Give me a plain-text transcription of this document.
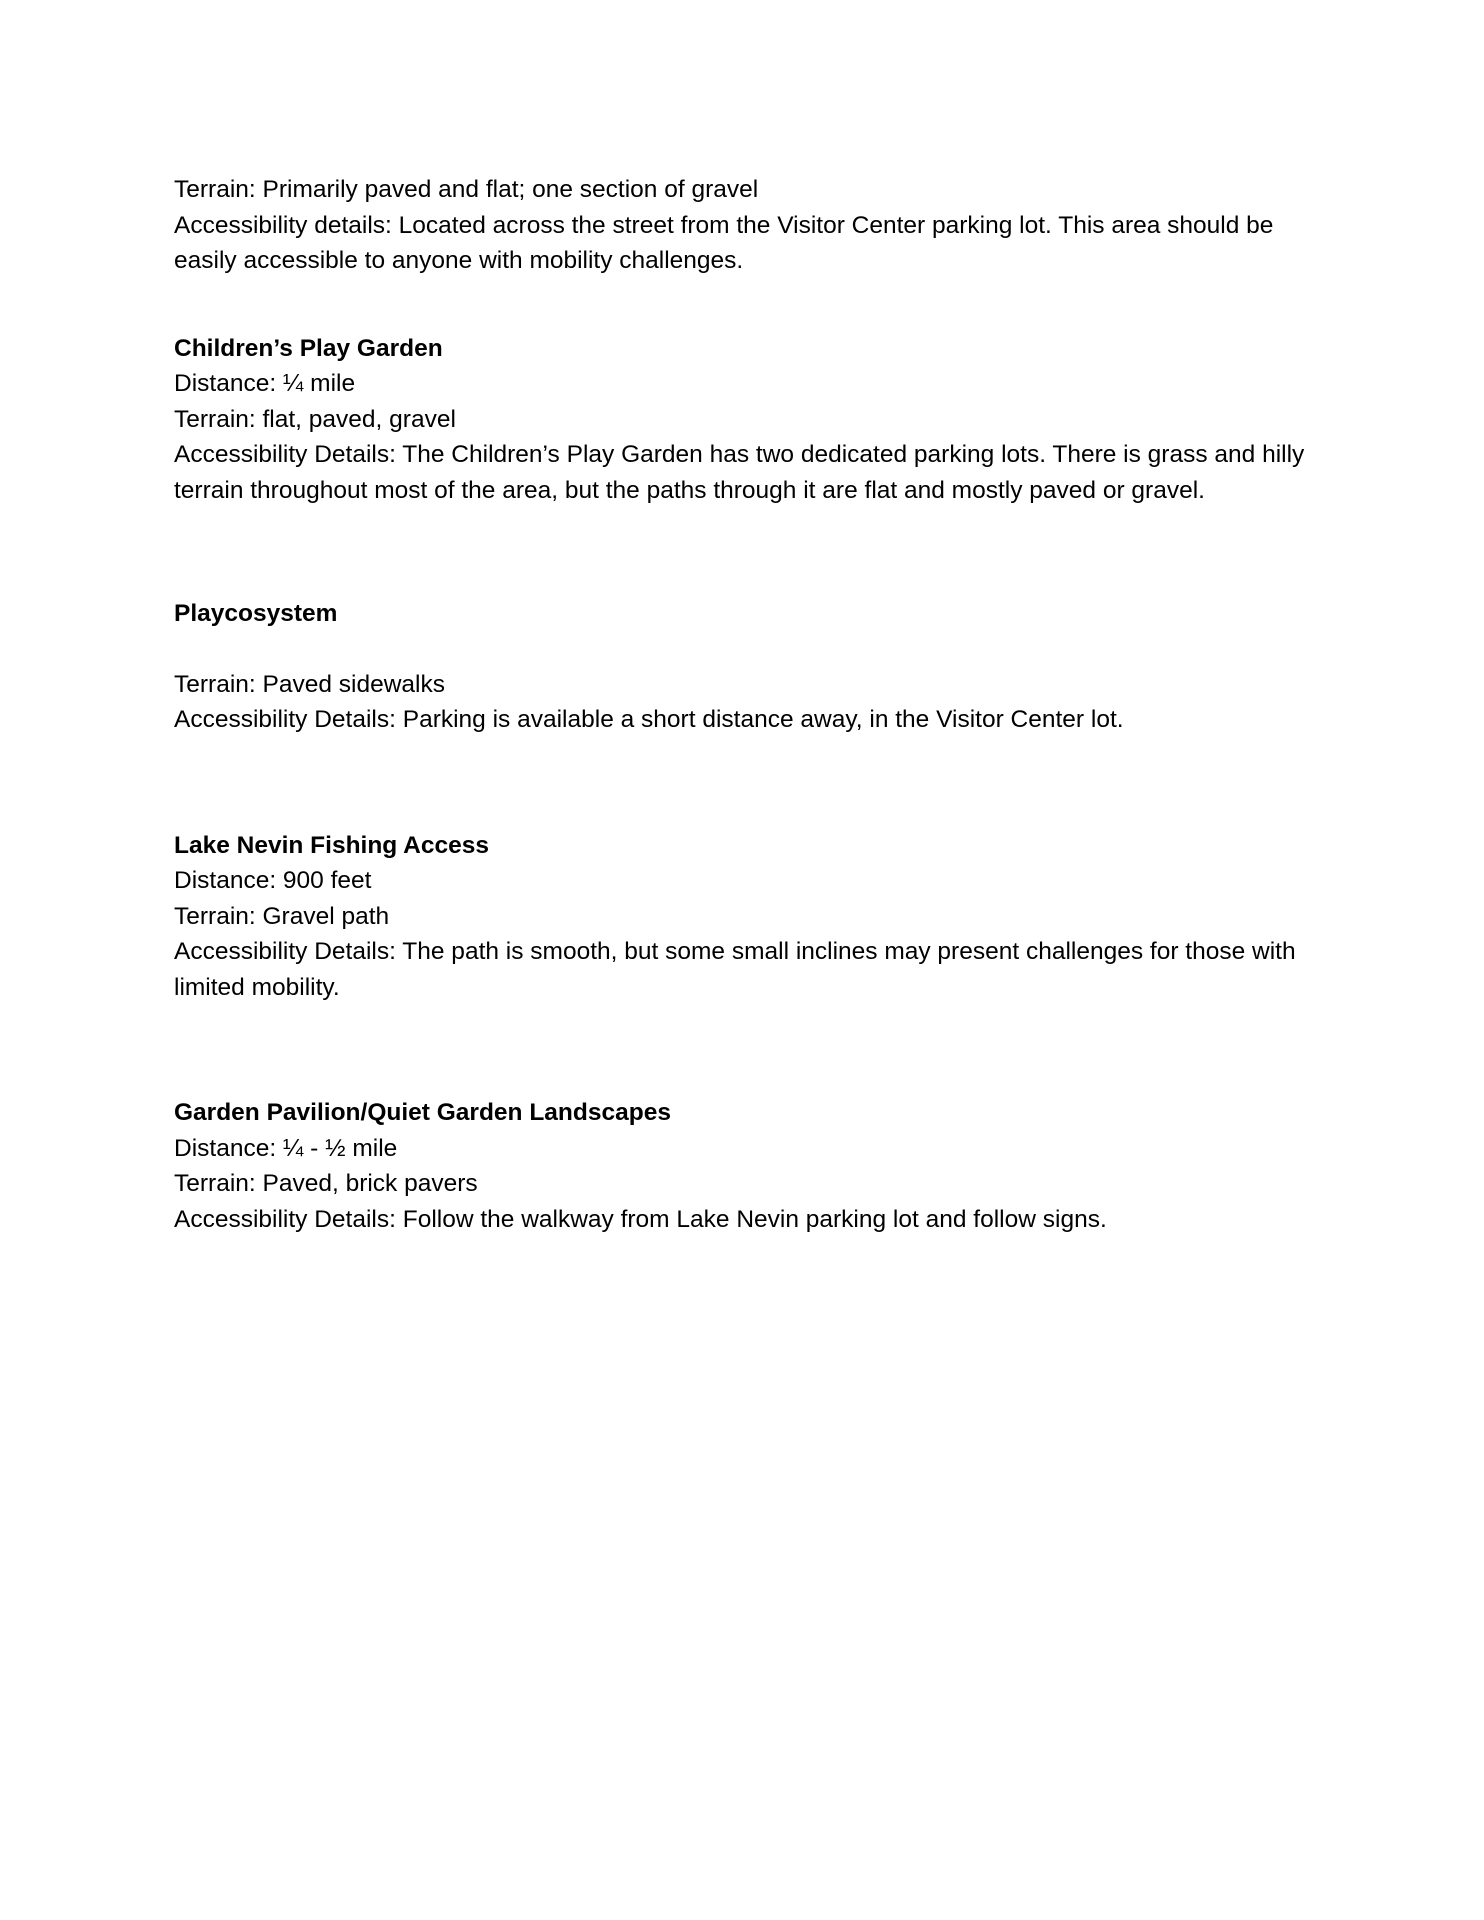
Terrain: Primarily paved and flat; one section of gravel
Accessibility details: Located across the street from the Visitor Center parking lot. This area should be easily accessible to anyone with mobility challenges.
Children’s Play Garden
Distance: ¼ mile
Terrain: flat, paved, gravel
Accessibility Details: The Children’s Play Garden has two dedicated parking lots. There is grass and hilly terrain throughout most of the area, but the paths through it are flat and mostly paved or gravel.
Playcosystem
Terrain: Paved sidewalks
Accessibility Details: Parking is available a short distance away, in the Visitor Center lot.
Lake Nevin Fishing Access
Distance: 900 feet
Terrain: Gravel path
Accessibility Details: The path is smooth, but some small inclines may present challenges for those with limited mobility.
Garden Pavilion/Quiet Garden Landscapes
Distance: ¼ - ½ mile
Terrain: Paved, brick pavers
Accessibility Details: Follow the walkway from Lake Nevin parking lot and follow signs.
